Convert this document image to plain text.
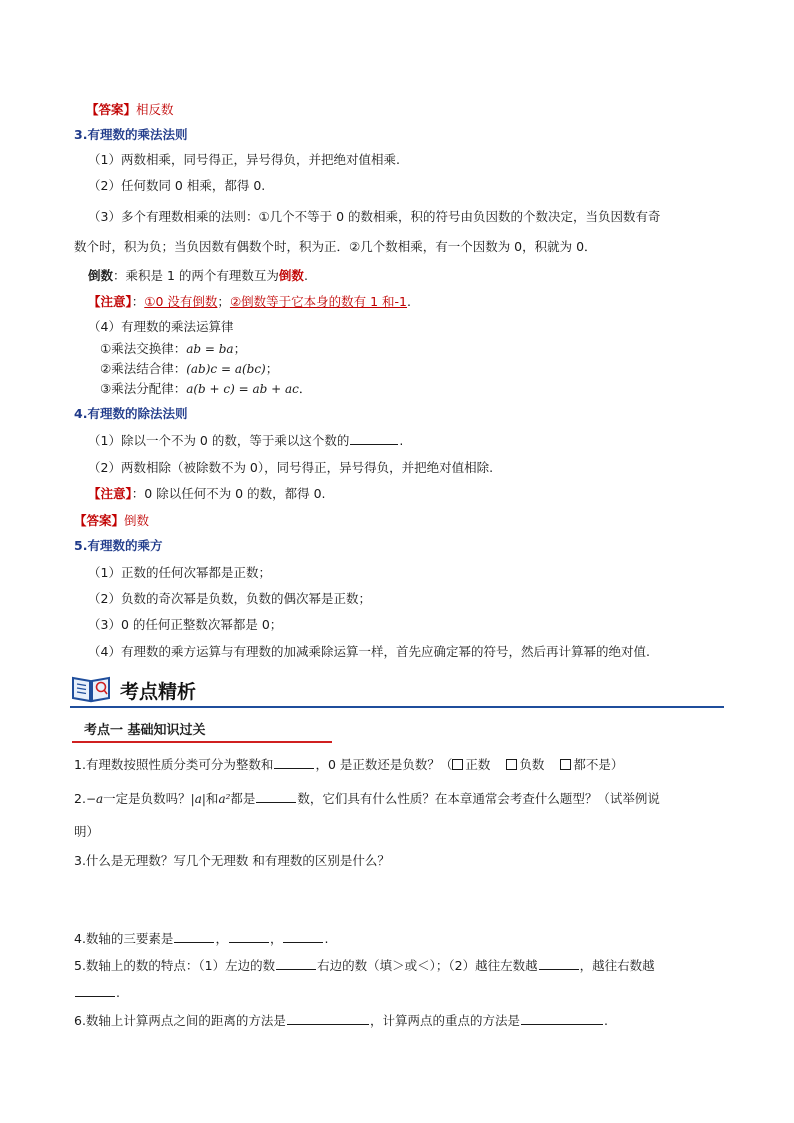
【答案】相反数
3.有理数的乘法法则
（1）两数相乘，同号得正，异号得负，并把绝对值相乘.
（2）任何数同 0 相乘，都得 0.
（3）多个有理数相乘的法则：①几个不等于 0 的数相乘，积的符号由负因数的个数决定，当负因数有奇
数个时，积为负；当负因数有偶数个时，积为正．②几个数相乘，有一个因数为 0，积就为 0．
倒数：乘积是 1 的两个有理数互为倒数.
【注意】：①0 没有倒数；②倒数等于它本身的数有 1 和-1.
（4）有理数的乘法运算律
①乘法交换律：ab = ba；
②乘法结合律：(ab)c = a(bc)；
③乘法分配律：a(b + c) = ab + ac．
4.有理数的除法法则
（1）除以一个不为 0 的数，等于乘以这个数的	.
（2）两数相除（被除数不为 0），同号得正，异号得负，并把绝对值相除.
【注意】：0 除以任何不为 0 的数，都得 0.
【答案】倒数
5.有理数的乘方
（1）正数的任何次幂都是正数；
（2）负数的奇次幂是负数，负数的偶次幂是正数；
（3）0 的任何正整数次幂都是 0；
（4）有理数的乘方运算与有理数的加减乘除运算一样，首先应确定幂的符号，然后再计算幂的绝对值.
考点精析
考点一 基础知识过关
1.有理数按照性质分类可分为整数和	，0 是正数还是负数？（ 正数 负数 都不是）
2.−a一定是负数吗？|a|和a²都是	数，它们具有什么性质？在本章通常会考查什么题型？（试举例说
明）
3.什么是无理数？写几个无理数 和有理数的区别是什么？
4.数轴的三要素是	，	，	.
5.数轴上的数的特点：（1）左边的数	右边的数（填＞或＜）；（2）越往左数越	，越往右数越
.
6.数轴上计算两点之间的距离的方法是	，计算两点的重点的方法是	.
